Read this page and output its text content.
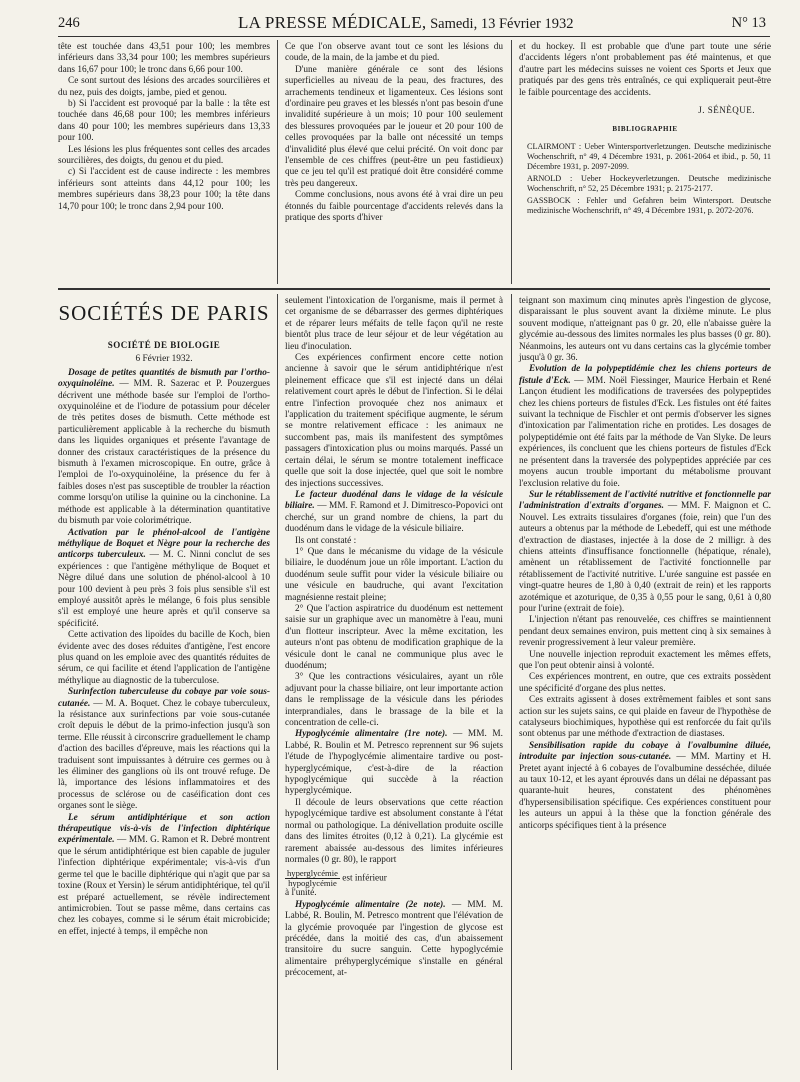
246	LA PRESSE MÉDICALE, Samedi, 13 Février 1932	N° 13

tête est touchée dans 43,51 pour 100; les membres inférieurs dans 33,34 pour 100; les membres supérieurs dans 16,67 pour 100; le tronc dans 6,66 pour 100.

Ce sont surtout des lésions des arcades sourcilières et du nez, puis des doigts, jambe, pied et genou.

b) Si l'accident est provoqué par la balle : la tête est touchée dans 46,68 pour 100; les membres inférieurs dans 40 pour 100; les membres supérieurs dans 13,33 pour 100.

Les lésions les plus fréquentes sont celles des arcades sourcilières, des doigts, du genou et du pied.

c) Si l'accident est de cause indirecte : les membres inférieurs sont atteints dans 44,12 pour 100; les membres supérieurs dans 38,23 pour 100; la tête dans 14,70 pour 100; le tronc dans 2,94 pour 100.

Ce que l'on observe avant tout ce sont les lésions du coude, de la main, de la jambe et du pied.

D'une manière générale ce sont des lésions superficielles au niveau de la peau, des fractures, des arrachements tendineux et ligamenteux. Ces lésions sont d'ordinaire peu graves et les blessés n'ont pas besoin d'une invalidité supérieure à un mois; 10 pour 100 seulement des blessures provoquées par le joueur et 20 pour 100 de celles provoquées par la balle ont nécessité un temps d'invalidité plus élevé que celui précité. On voit donc par l'ensemble de ces chiffres (peut-être un peu fastidieux) que ce jeu tel qu'il est pratiqué doit être considéré comme très peu dangereux.

Comme conclusions, nous avons été à vrai dire un peu étonnés du faible pourcentage d'accidents relevés dans la pratique des sports d'hiver

et du hockey. Il est probable que d'une part toute une série d'accidents légers n'ont probablement pas été maintenus, et que d'autre part les médecins suisses ne voient ces Sports et Jeux que pratiqués par des gens très entraînés, ce qui expliquerait peut-être le faible pourcentage des accidents.

J. SÉNÈQUE.
BIBLIOGRAPHIE

CLAIRMONT : Ueber Wintersportverletzungen. Deutsche medizinische Wochenschrift, n° 49, 4 Décembre 1931, p. 2061-2064 et ibid., p. 50, 11 Décembre 1931, p. 2097-2099.

ARNOLD : Ueber Hockeyverletzungen. Deutsche medizinische Wochenschrift, n° 52, 25 Décembre 1931; p. 2175-2177.

GASSBOCK : Fehler und Gefahren beim Wintersport. Deutsche medizinische Wochenschrift, n° 49, 4 Décembre 1931, p. 2072-2076.

SOCIÉTÉS DE PARIS
SOCIÉTÉ DE BIOLOGIE
6 Février 1932.

Dosage de petites quantités de bismuth par l'ortho-oxyquinoléine. — MM. R. Sazerac et P. Pouzergues décrivent une méthode basée sur l'emploi de l'ortho-oxyquinoléine et de l'iodure de potassium pour déceler de très petites doses de bismuth. Cette méthode est particulièrement applicable à la recherche du bismuth dans les liquides organiques et présente l'avantage de donner des cristaux caractéristiques de la présence du bismuth à l'examen microscopique. En outre, grâce à l'emploi de l'o-oxyquinoléine, la présence du fer à faibles doses n'est pas susceptible de troubler la réaction comme lorsqu'on utilise la quinine ou la cinchonine. La méthode est applicable à la détermination quantitative du bismuth par voie colorimétrique.

Activation par le phénol-alcool de l'antigène méthylique de Boquet et Nègre pour la recherche des anticorps tuberculeux. — M. C. Ninni conclut de ses expériences : que l'antigène méthylique de Boquet et Nègre dilué dans une solution de phénol-alcool à 10 pour 100 devient à peu près 3 fois plus sensible s'il est employé aussitôt après le mélange, 6 fois plus sensible s'il est employé une heure après et qu'il conserve sa spécificité.

Cette activation des lipoïdes du bacille de Koch, bien évidente avec des doses réduites d'antigène, l'est encore plus quand on les emploie avec des quantités réduites de sérum, ce qui facilite et étend l'application de l'antigène méthylique au diagnostic de la tuberculose.

Surinfection tuberculeuse du cobaye par voie sous-cutanée. — M. A. Boquet. Chez le cobaye tuberculeux, la résistance aux surinfections par voie sous-cutanée croît depuis le début de la primo-infection jusqu'à son terme. Elle réussit à circonscrire graduellement le champ d'action des bacilles d'épreuve, mais les réactions qui la traduisent sont impuissantes à détruire ces germes ou à les éliminer des ganglions où ils ont trouvé refuge. De là, importance des lésions inflammatoires et des processus de sclérose ou de caséification dont ces organes sont le siège.

Le sérum antidiphtérique et son action thérapeutique vis-à-vis de l'infection diphtérique expérimentale. — MM. G. Ramon et R. Debré montrent que le sérum antidiphtérique est bien capable de juguler l'infection diphtérique expérimentale; vis-à-vis d'un germe tel que le bacille diphtérique qui n'agit que par sa toxine (Roux et Yersin) le sérum antidiphtérique, tel qu'il est préparé actuellement, se révèle indirectement antimicrobien. Tout se passe même, dans certains cas chez les cobayes, comme si le sérum était microbicide; en effet, injecté à temps, il empêche non

seulement l'intoxication de l'organisme, mais il permet à cet organisme de se débarrasser des germes diphtériques et de réparer leurs méfaits de telle façon qu'il ne reste bientôt plus trace de leur séjour et de leur végétation au lieu d'inoculation.

Ces expériences confirment encore cette notion ancienne à savoir que le sérum antidiphtérique n'est pleinement efficace que s'il est injecté dans un délai relativement court après le début de l'infection. Si le délai entre l'infection provoquée chez nos animaux et l'application du traitement spécifique augmente, le sérum se montre relativement efficace : les animaux ne succombent pas, mais ils manifestent des symptômes passagers d'intoxication plus ou moins marqués. Passé un certain délai, le sérum se montre totalement inefficace quelle que soit la dose injectée, quel que soit le nombre des injections successives.

Le facteur duodénal dans le vidage de la vésicule biliaire. — MM. F. Ramond et J. Dimitresco-Popovici ont cherché, sur un grand nombre de chiens, la part du duodénum dans le vidage de la vésicule biliaire.

Ils ont constaté :

1° Que dans le mécanisme du vidage de la vésicule biliaire, le duodénum joue un rôle important. L'action du duodénum seule suffit pour vider la vésicule biliaire ou une vésicule en baudruche, qui avant l'excitation magnésienne restait pleine;

2° Que l'action aspiratrice du duodénum est nettement saisie sur un graphique avec un manomètre à l'eau, muni d'un flotteur inscripteur. Avec la même excitation, les auteurs n'ont pas obtenu de modification graphique de la vésicule dont le canal ne communique plus avec le duodénum;

3° Que les contractions vésiculaires, ayant un rôle adjuvant pour la chasse biliaire, ont leur importante action dans le remplissage de la vésicule dans les périodes interprandiales, dans le brassage de la bile et la concentration de celle-ci.

Hypoglycémie alimentaire (1re note). — MM. M. Labbé, R. Boulin et M. Petresco reprennent sur 96 sujets l'étude de l'hypoglycémie alimentaire tardive ou post-hyperglycémique, c'est-à-dire de la réaction hypoglycémique qui succède à la réaction hyperglycémique.

Il découle de leurs observations que cette réaction hypoglycémique tardive est absolument constante à l'état normal ou pathologique. La dénivellation produite oscille dans des limites étroites (0,12 à 0,21). La glycémie est rarement abaissée au-dessous des limites inférieures normales (0 gr. 80), le rapport

$\frac{\text{hyperglycémie}}{\text{hypoglycémie}}$ est inférieur

à l'unité.

Hypoglycémie alimentaire (2e note). — MM. M. Labbé, R. Boulin, M. Petresco montrent que l'élévation de la glycémie provoquée par l'ingestion de glycose est précédée, dans la moitié des cas, d'un abaissement transitoire du sucre sanguin. Cette hypoglycémie alimentaire préhyperglycémique s'installe en général précocement, at-

teignant son maximum cinq minutes après l'ingestion de glycose, disparaissant le plus souvent avant la dixième minute. Le plus souvent modique, n'atteignant pas 0 gr. 20, elle n'abaisse guère la glycémie au-dessous des limites normales les plus basses (0 gr. 80). Néanmoins, les auteurs ont vu dans certains cas la glycémie tomber jusqu'à 0 gr. 36.

Evolution de la polypeptidémie chez les chiens porteurs de fistule d'Eck. — MM. Noël Fiessinger, Maurice Herbain et René Lançon étudient les modifications de traversées des polypeptides chez les chiens porteurs de fistules d'Eck. Les fistules ont été faites suivant la technique de Fischler et ont permis d'observer les signes d'intoxication par l'alimentation riche en protides. Les dosages de polypeptidémie ont été faits par la méthode de Van Slyke. De leurs expériences, ils concluent que les chiens porteurs de fistules d'Eck ne présentent dans la traversée des polypeptides appréciée par ces moyens aucun trouble important du métabolisme prouvant l'exclusion relative du foie.

Sur le rétablissement de l'activité nutritive et fonctionnelle par l'administration d'extraits d'organes. — MM. F. Maignon et C. Nouvel. Les extraits tissulaires d'organes (foie, rein) que l'un des auteurs a obtenus par la méthode de Lebedeff, qui est une méthode d'extraction de diastases, injectée à la dose de 2 milligr. à des chiens atteints d'insuffisance fonctionnelle (hépatique, rénale), amènent un rétablissement de l'activité fonctionnelle par rétablissement de l'activité nutritive. L'urée sanguine est passée en vingt-quatre heures de 1,80 à 0,40 (extrait de rein) et les rapports azotémique et azoturique, de 0,35 à 0,55 pour le sang, 0,61 à 0,80 pour l'urine (extrait de foie).

L'injection n'étant pas renouvelée, ces chiffres se maintiennent pendant deux semaines environ, puis mettent cinq à six semaines à revenir progressivement à leur valeur première.

Une nouvelle injection reproduit exactement les mêmes effets, que l'on peut obtenir ainsi à volonté.

Ces expériences montrent, en outre, que ces extraits possèdent une spécificité d'organe des plus nettes.

Ces extraits agissent à doses extrêmement faibles et sont sans action sur les sujets sains, ce qui plaide en faveur de l'hypothèse de catalyseurs biochimiques, hypothèse qui est renforcée du fait qu'ils sont obtenus par une méthode d'extraction de diastases.

Sensibilisation rapide du cobaye à l'ovalbumine diluée, introduite par injection sous-cutanée. — MM. Martiny et H. Pretet ayant injecté à 6 cobayes de l'ovalbumine desséchée, diluée au taux 10-12, et les ayant éprouvés dans un délai ne dépassant pas quarante-huit heures, constatent des phénomènes d'hypersensibilisation spécifique. Ces expériences constituent pour les auteurs un appui à la thèse que la fonction générale des anticorps spécifiques tient à la présence
